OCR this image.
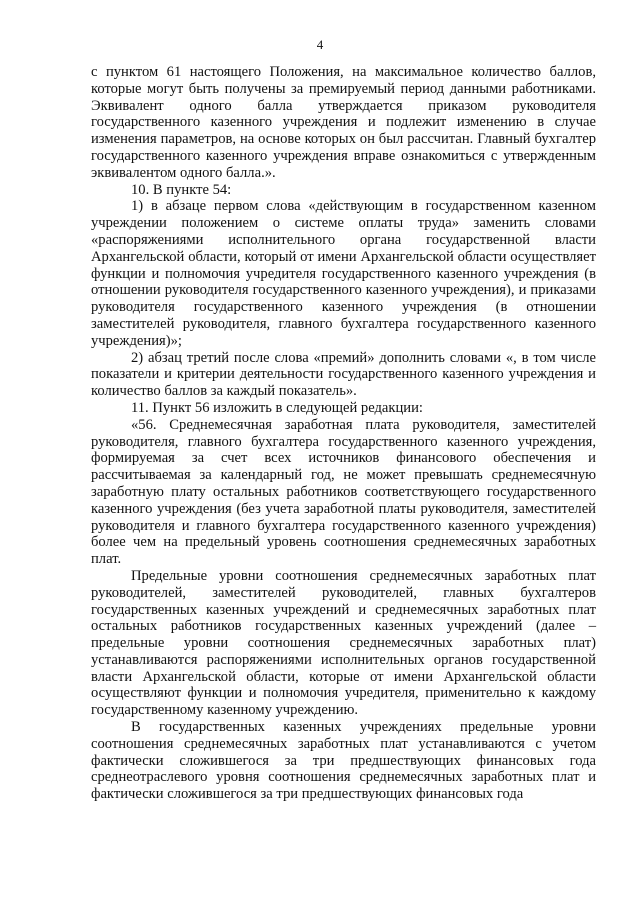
4

с пунктом 61 настоящего Положения, на максимальное количество баллов, которые могут быть получены за премируемый период данными работниками. Эквивалент одного балла утверждается приказом руководителя государственного казенного учреждения и подлежит изменению в случае изменения параметров, на основе которых он был рассчитан. Главный бухгалтер государственного казенного учреждения вправе ознакомиться с утвержденным эквивалентом одного балла.».

10. В пункте 54:

1) в абзаце первом слова «действующим в государственном казенном учреждении положением о системе оплаты труда» заменить словами «распоряжениями исполнительного органа государственной власти Архангельской области, который от имени Архангельской области осуществляет функции и полномочия учредителя государственного казенного учреждения (в отношении руководителя государственного казенного учреждения), и приказами руководителя государственного казенного учреждения (в отношении заместителей руководителя, главного бухгалтера государственного казенного учреждения)»;

2) абзац третий после слова «премий» дополнить словами «, в том числе показатели и критерии деятельности государственного казенного учреждения и количество баллов за каждый показатель».

11. Пункт 56 изложить в следующей редакции:

«56. Среднемесячная заработная плата руководителя, заместителей руководителя, главного бухгалтера государственного казенного учреждения, формируемая за счет всех источников финансового обеспечения и рассчитываемая за календарный год, не может превышать среднемесячную заработную плату остальных работников соответствующего государственного казенного учреждения (без учета заработной платы руководителя, заместителей руководителя и главного бухгалтера государственного казенного учреждения) более чем на предельный уровень соотношения среднемесячных заработных плат.

Предельные уровни соотношения среднемесячных заработных плат руководителей, заместителей руководителей, главных бухгалтеров государственных казенных учреждений и среднемесячных заработных плат остальных работников государственных казенных учреждений (далее – предельные уровни соотношения среднемесячных заработных плат) устанавливаются распоряжениями исполнительных органов государственной власти Архангельской области, которые от имени Архангельской области осуществляют функции и полномочия учредителя, применительно к каждому государственному казенному учреждению.

В государственных казенных учреждениях предельные уровни соотношения среднемесячных заработных плат устанавливаются с учетом фактически сложившегося за три предшествующих финансовых года среднеотраслевого уровня соотношения среднемесячных заработных плат и фактически сложившегося за три предшествующих финансовых года
